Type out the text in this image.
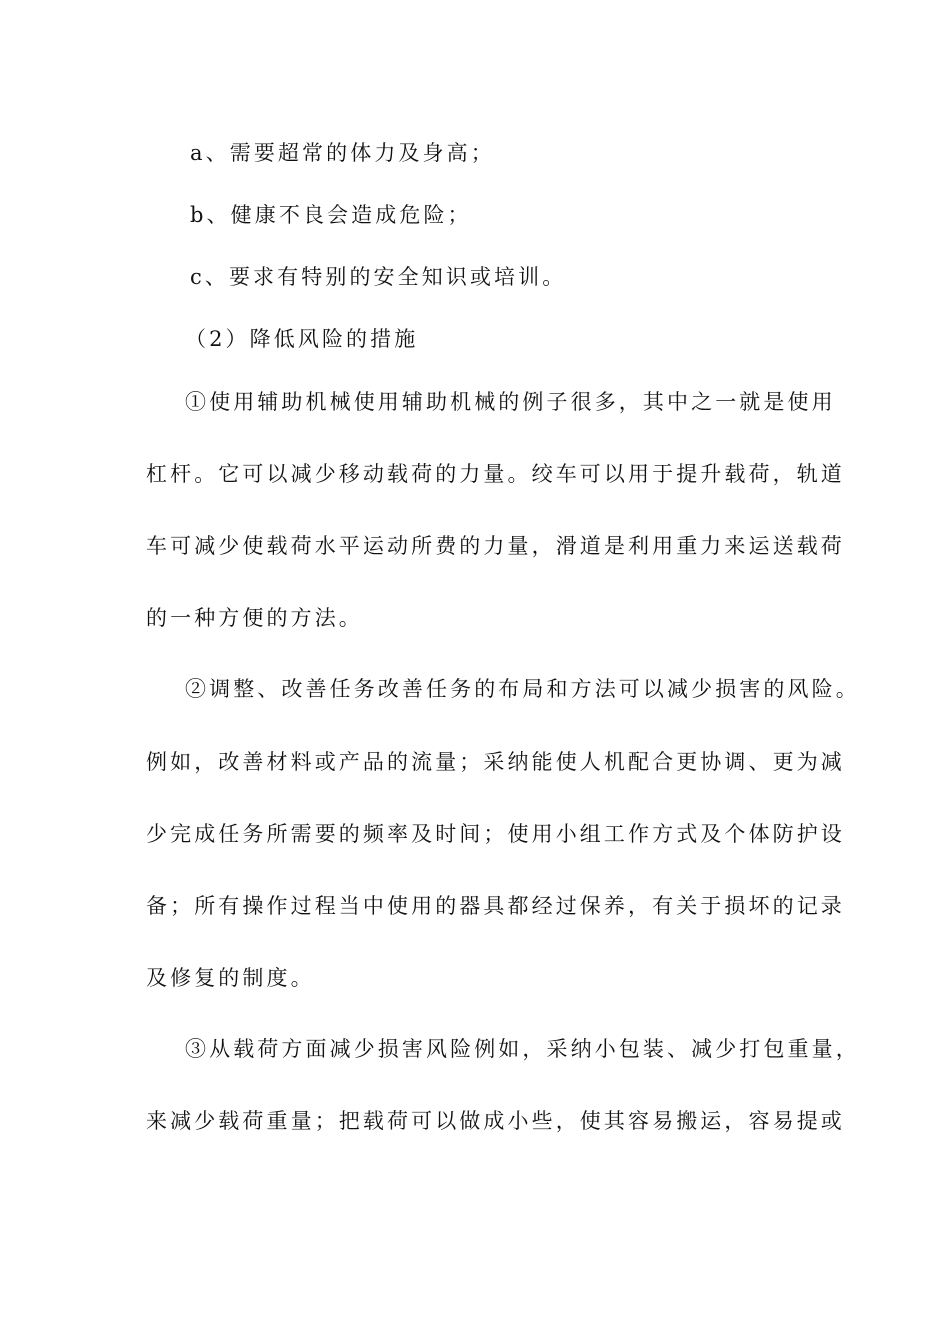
a、需要超常的体力及身高；
b、健康不良会造成危险；
c、要求有特别的安全知识或培训。
（2）降低风险的措施
①使用辅助机械使用辅助机械的例子很多，其中之一就是使用
杠杆。它可以减少移动载荷的力量。绞车可以用于提升载荷，轨道
车可减少使载荷水平运动所费的力量，滑道是利用重力来运送载荷
的一种方便的方法。
②调整、改善任务改善任务的布局和方法可以减少损害的风险。
例如，改善材料或产品的流量；采纳能使人机配合更协调、更为减
少完成任务所需要的频率及时间；使用小组工作方式及个体防护设
备；所有操作过程当中使用的器具都经过保养，有关于损坏的记录
及修复的制度。
③从载荷方面减少损害风险例如，采纳小包装、减少打包重量，
来减少载荷重量；把载荷可以做成小些，使其容易搬运，容易提或
